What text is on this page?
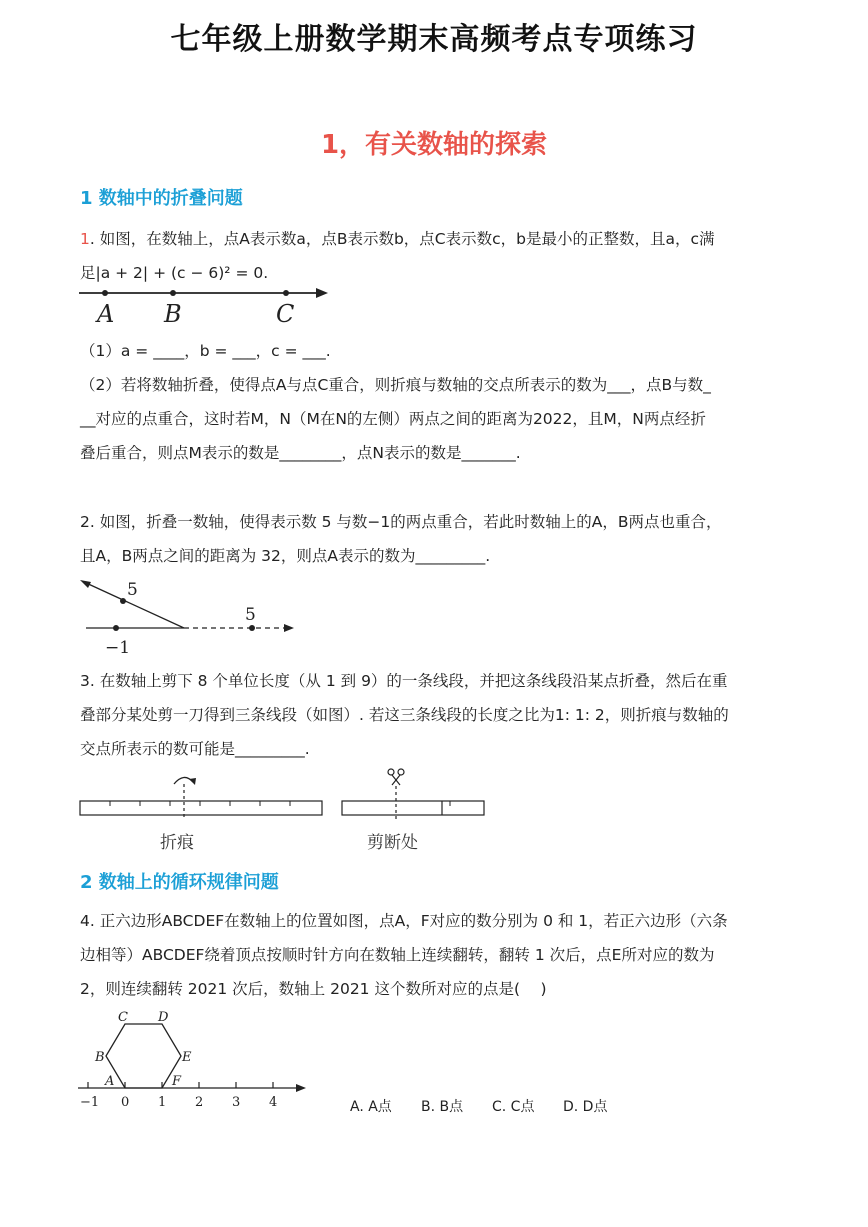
七年级上册数学期末高频考点专项练习
1，有关数轴的探索
1 数轴中的折叠问题
1. 如图，在数轴上，点A表示数a，点B表示数b，点C表示数c，b是最小的正整数，且a，c满
足|a + 2| + (c − 6)² = 0.
A B	C
（1）a = ____，b = ___，c = ___.
（2）若将数轴折叠，使得点A与点C重合，则折痕与数轴的交点所表示的数为___，点B与数_
__对应的点重合，这时若M，N（M在N的左侧）两点之间的距离为2022，且M，N两点经折
叠后重合，则点M表示的数是________，点N表示的数是_______.
2. 如图，折叠一数轴，使得表示数 5 与数−1的两点重合，若此时数轴上的A，B两点也重合，
且A，B两点之间的距离为 32，则点A表示的数为_________.
5
5
−1
3. 在数轴上剪下 8 个单位长度（从 1 到 9）的一条线段，并把这条线段沿某点折叠，然后在重
叠部分某处剪一刀得到三条线段（如图）. 若这三条线段的长度之比为1: 1: 2，则折痕与数轴的
交点所表示的数可能是_________.
折痕	剪断处
2 数轴上的循环规律问题
4. 正六边形ABCDEF在数轴上的位置如图，点A，F对应的数分别为 0 和 1，若正六边形（六条
边相等）ABCDEF绕着顶点按顺时针方向在数轴上连续翻转，翻转 1 次后，点E所对应的数为
2，则连续翻转 2021 次后，数轴上 2021 这个数所对应的点是(　 )
A
B
C D
E
F
−1 0 1 2 3 4	A. A点 B. B点 C. C点 D. D点
